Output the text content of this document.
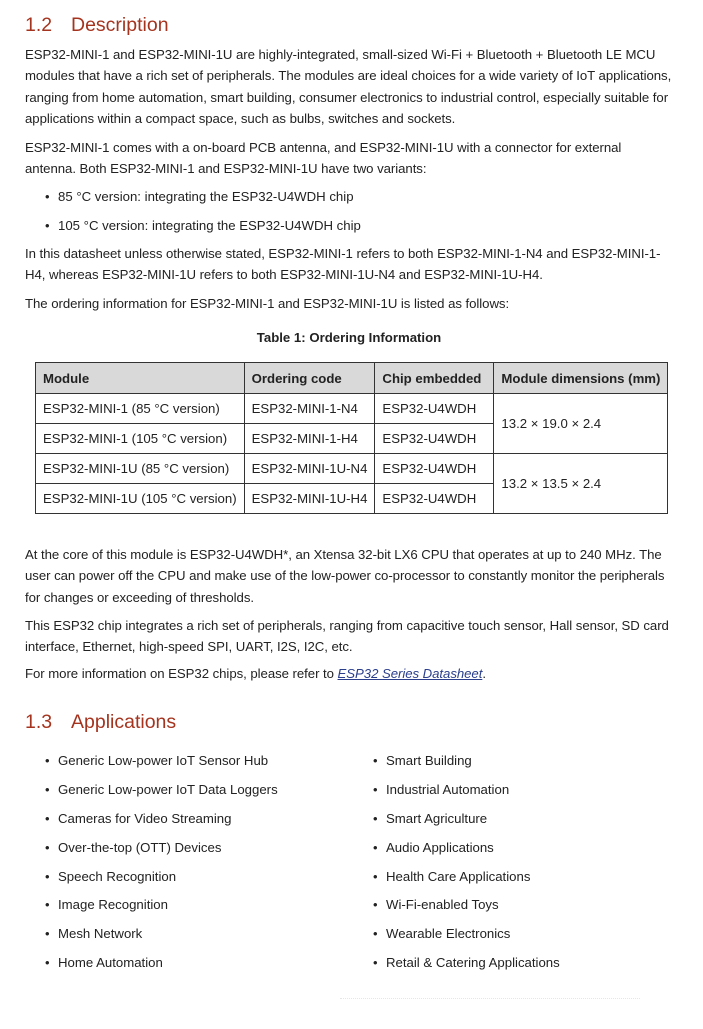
1.2 Description

ESP32-MINI-1 and ESP32-MINI-1U are highly-integrated, small-sized Wi-Fi + Bluetooth + Bluetooth LE MCU modules that have a rich set of peripherals. The modules are ideal choices for a wide variety of IoT applications, ranging from home automation, smart building, consumer electronics to industrial control, especially suitable for applications within a compact space, such as bulbs, switches and sockets.

ESP32-MINI-1 comes with a on-board PCB antenna, and ESP32-MINI-1U with a connector for external antenna. Both ESP32-MINI-1 and ESP32-MINI-1U have two variants:

• 85 °C version: integrating the ESP32-U4WDH chip

• 105 °C version: integrating the ESP32-U4WDH chip

In this datasheet unless otherwise stated, ESP32-MINI-1 refers to both ESP32-MINI-1-N4 and ESP32-MINI-1-H4, whereas ESP32-MINI-1U refers to both ESP32-MINI-1U-N4 and ESP32-MINI-1U-H4.

The ordering information for ESP32-MINI-1 and ESP32-MINI-1U is listed as follows:

Table 1: Ordering Information

Module	Ordering code	Chip embedded	Module dimensions (mm)
ESP32-MINI-1 (85 °C version)	ESP32-MINI-1-N4	ESP32-U4WDH	13.2 × 19.0 × 2.4
ESP32-MINI-1 (105 °C version)	ESP32-MINI-1-H4	ESP32-U4WDH	
ESP32-MINI-1U (85 °C version)	ESP32-MINI-1U-N4	ESP32-U4WDH	13.2 × 13.5 × 2.4
ESP32-MINI-1U (105 °C version)	ESP32-MINI-1U-H4	ESP32-U4WDH	

At the core of this module is ESP32-U4WDH*, an Xtensa 32-bit LX6 CPU that operates at up to 240 MHz. The user can power off the CPU and make use of the low-power co-processor to constantly monitor the peripherals for changes or exceeding of thresholds.

This ESP32 chip integrates a rich set of peripherals, ranging from capacitive touch sensor, Hall sensor, SD card interface, Ethernet, high-speed SPI, UART, I2S, I2C, etc.

For more information on ESP32 chips, please refer to ESP32 Series Datasheet.

1.3 Applications
• Generic Low-power IoT Sensor Hub
• Generic Low-power IoT Data Loggers
• Cameras for Video Streaming
• Over-the-top (OTT) Devices
• Speech Recognition
• Image Recognition
• Mesh Network
• Home Automation
• Smart Building
• Industrial Automation
• Smart Agriculture
• Audio Applications
• Health Care Applications
• Wi-Fi-enabled Toys
• Wearable Electronics
• Retail & Catering Applications
